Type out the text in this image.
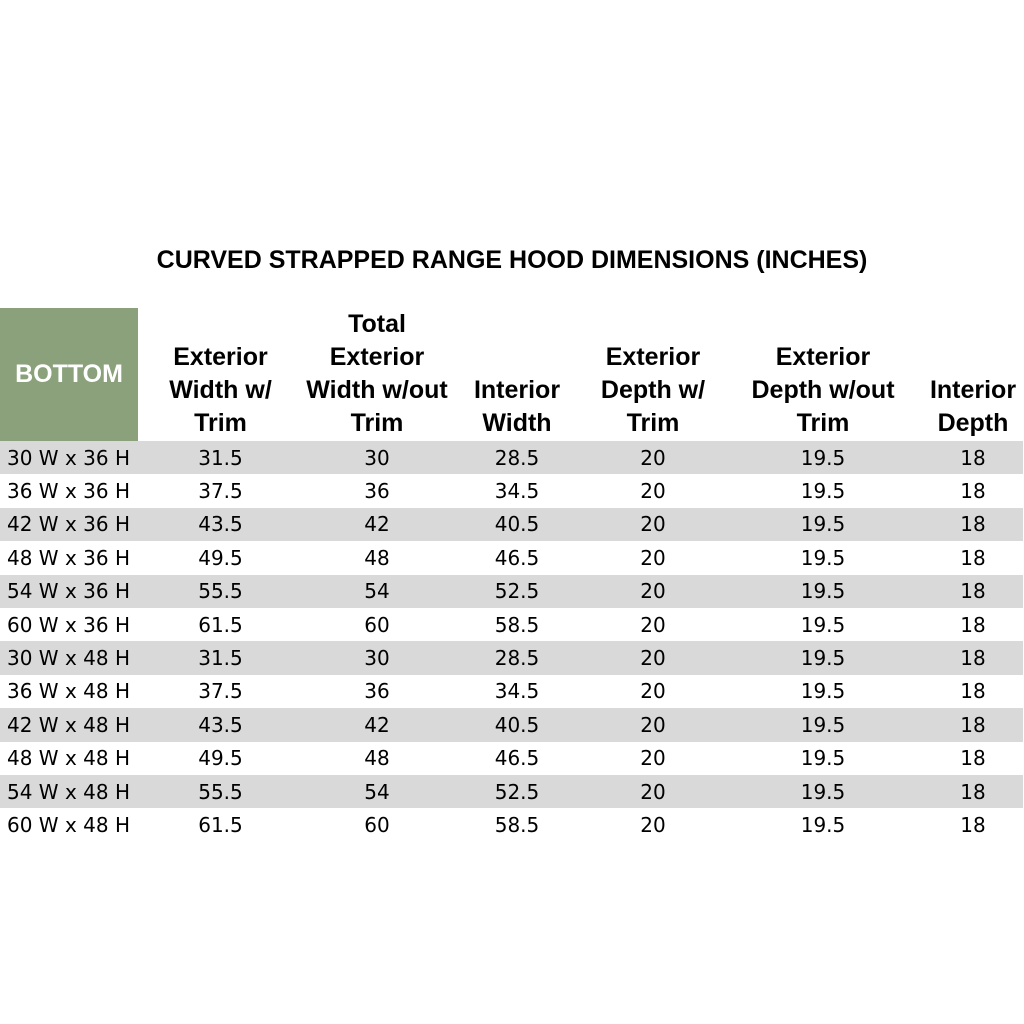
CURVED STRAPPED RANGE HOOD DIMENSIONS (INCHES)
BOTTOM	Exterior
Width w/
Trim	Total Exterior
Width w/out
Trim	Interior
Width	Exterior
Depth w/
Trim	Exterior
Depth w/out
Trim	Interior
Depth

30 W x 36 H	31.5	30	28.5	20	19.5	18
36 W x 36 H	37.5	36	34.5	20	19.5	18
42 W x 36 H	43.5	42	40.5	20	19.5	18
48 W x 36 H	49.5	48	46.5	20	19.5	18
54 W x 36 H	55.5	54	52.5	20	19.5	18
60 W x 36 H	61.5	60	58.5	20	19.5	18
30 W x 48 H	31.5	30	28.5	20	19.5	18
36 W x 48 H	37.5	36	34.5	20	19.5	18
42 W x 48 H	43.5	42	40.5	20	19.5	18
48 W x 48 H	49.5	48	46.5	20	19.5	18
54 W x 48 H	55.5	54	52.5	20	19.5	18
60 W x 48 H	61.5	60	58.5	20	19.5	18
